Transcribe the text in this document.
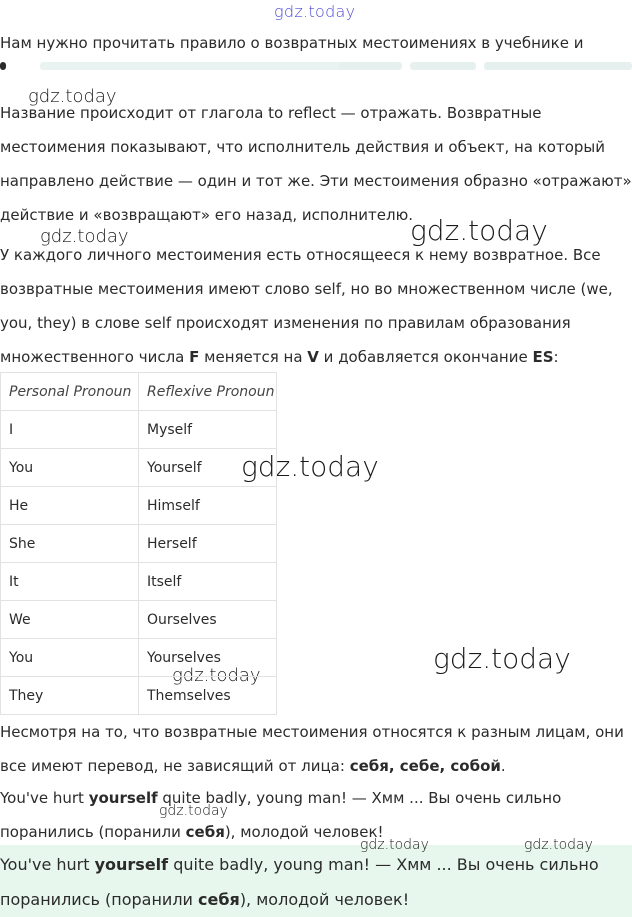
gdz.today
gdz.today
gdz.today	gdz.today
gdz.today
gdz.today
gdz.today
gdz.today

Нам нужно прочитать правило о возвратных местоимениях в учебнике и

Название происходит от глагола to reflect — отражать. Возвратные

местоимения показывают, что исполнитель действия и объект, на который

направлено действие — один и тот же. Эти местоимения образно «отражают»

действие и «возвращают» его назад, исполнителю.

У каждого личного местоимения есть относящееся к нему возвратное. Все

возвратные местоимения имеют слово self, но во множественном числе (we,

you, they) в слове self происходят изменения по правилам образования

множественного числа F меняется на V и добавляется окончание ES:

Personal Pronoun	Reflexive Pronoun
I	Myself
You	Yourself
He	Himself
She	Herself
It	Itself
We	Ourselves
You	Yourselves
They	Themselves

Несмотря на то, что возвратные местоимения относятся к разным лицам, они

все имеют перевод, не зависящий от лица: себя, себе, собой.

You've hurt yourself quite badly, young man! — Хмм ... Вы очень сильно

поранились (поранили себя), молодой человек!

You've hurt yourself quite badly, young man! — Хмм ... Вы очень сильно

поранились (поранили себя), молодой человек!

gdz.today	gdz.today
